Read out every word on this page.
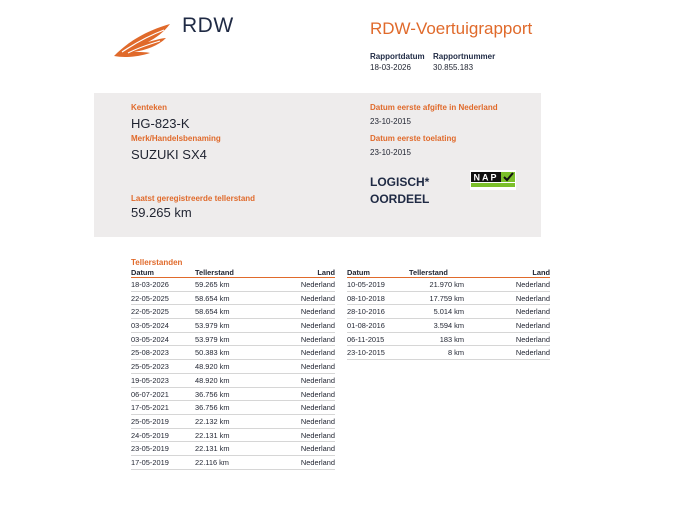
RDW	RDW-Voertuigrapport
Rapportdatum
18-03-2026
Rapportnummer
30.855.183
Kenteken
HG-823-K
Merk/Handelsbenaming
SUZUKI SX4
Laatst geregistreerde tellerstand
59.265 km
Datum eerste afgifte in Nederland
23-10-2015
Datum eerste toelating
23-10-2015
LOGISCH*
OORDEEL
NAP
Tellerstanden
Datum	Tellerstand	Land
18-03-2026	59.265 km	Nederland
22-05-2025	58.654 km	Nederland
22-05-2025	58.654 km	Nederland
03-05-2024	53.979 km	Nederland
03-05-2024	53.979 km	Nederland
25-08-2023	50.383 km	Nederland
25-05-2023	48.920 km	Nederland
19-05-2023	48.920 km	Nederland
06-07-2021	36.756 km	Nederland
17-05-2021	36.756 km	Nederland
25-05-2019	22.132 km	Nederland
24-05-2019	22.131 km	Nederland
23-05-2019	22.131 km	Nederland
17-05-2019	22.116 km	Nederland
Datum	Tellerstand	Land
10-05-2019	21.970 km	Nederland
08-10-2018	17.759 km	Nederland
28-10-2016	5.014 km	Nederland
01-08-2016	3.594 km	Nederland
06-11-2015	183 km	Nederland
23-10-2015	8 km	Nederland
